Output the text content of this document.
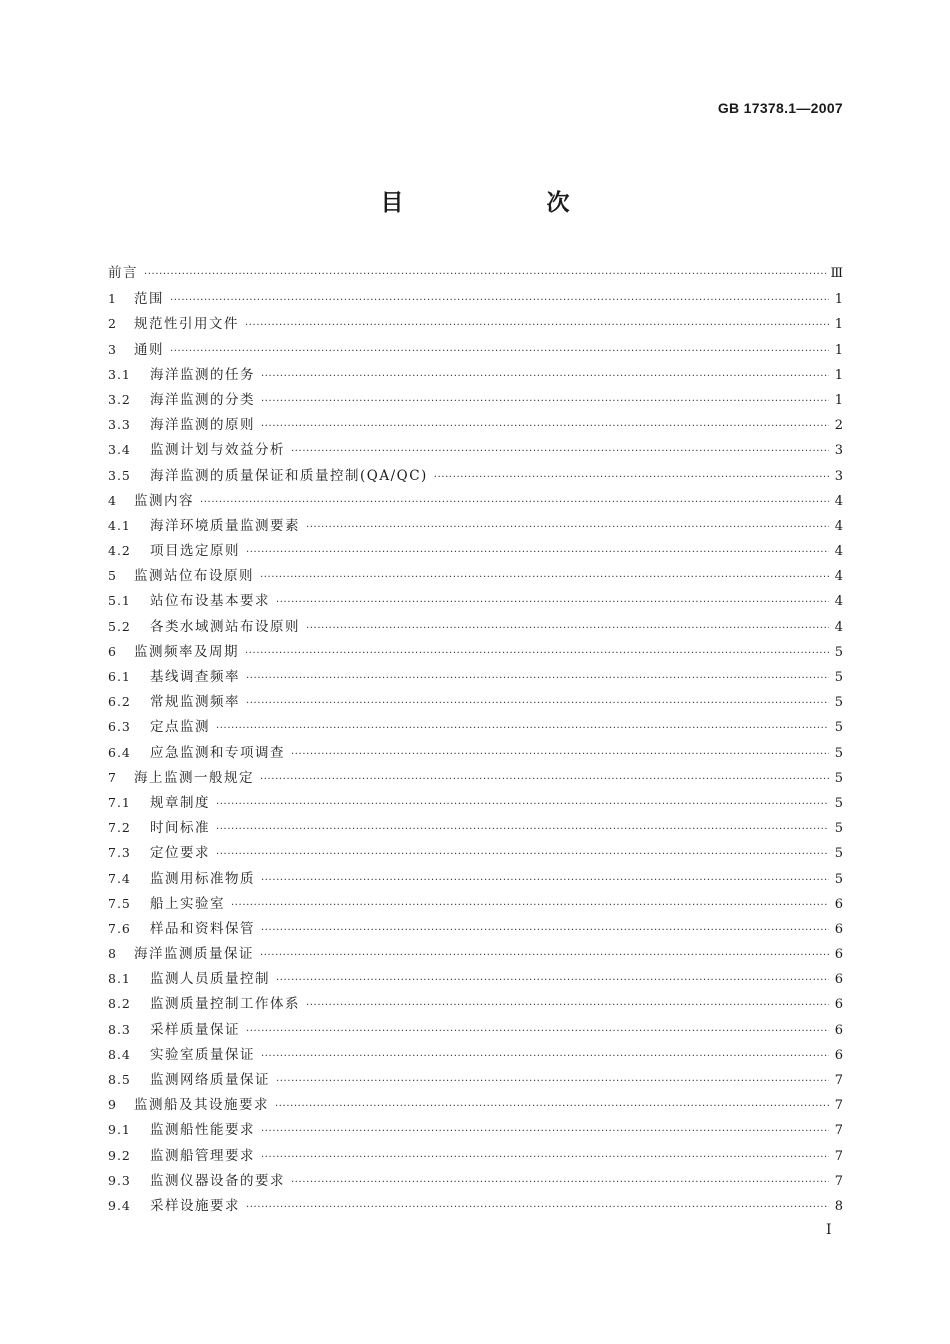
GB 17378.1—2007
目　次
前言 ·····	Ⅲ
1	范围 ·····	1
2	规范性引用文件 ·····	1
3	通则 ·····	1
3.1	海洋监测的任务 ·····	1
3.2	海洋监测的分类 ·····	1
3.3	海洋监测的原则 ·····	2
3.4	监测计划与效益分析 ·····	3
3.5	海洋监测的质量保证和质量控制(QA/QC) ·····	3
4	监测内容 ·····	4
4.1	海洋环境质量监测要素 ·····	4
4.2	项目选定原则 ·····	4
5	监测站位布设原则 ·····	4
5.1	站位布设基本要求 ·····	4
5.2	各类水域测站布设原则 ·····	4
6	监测频率及周期 ·····	5
6.1	基线调查频率 ·····	5
6.2	常规监测频率 ·····	5
6.3	定点监测 ·····	5
6.4	应急监测和专项调查 ·····	5
7	海上监测一般规定 ·····	5
7.1	规章制度 ·····	5
7.2	时间标准 ·····	5
7.3	定位要求 ·····	5
7.4	监测用标准物质 ·····	5
7.5	船上实验室 ·····	6
7.6	样品和资料保管 ·····	6
8	海洋监测质量保证 ·····	6
8.1	监测人员质量控制 ·····	6
8.2	监测质量控制工作体系 ·····	6
8.3	采样质量保证 ·····	6
8.4	实验室质量保证 ·····	6
8.5	监测网络质量保证 ·····	7
9	监测船及其设施要求 ·····	7
9.1	监测船性能要求 ·····	7
9.2	监测船管理要求 ·····	7
9.3	监测仪器设备的要求 ·····	7
9.4	采样设施要求 ·····	8
I
